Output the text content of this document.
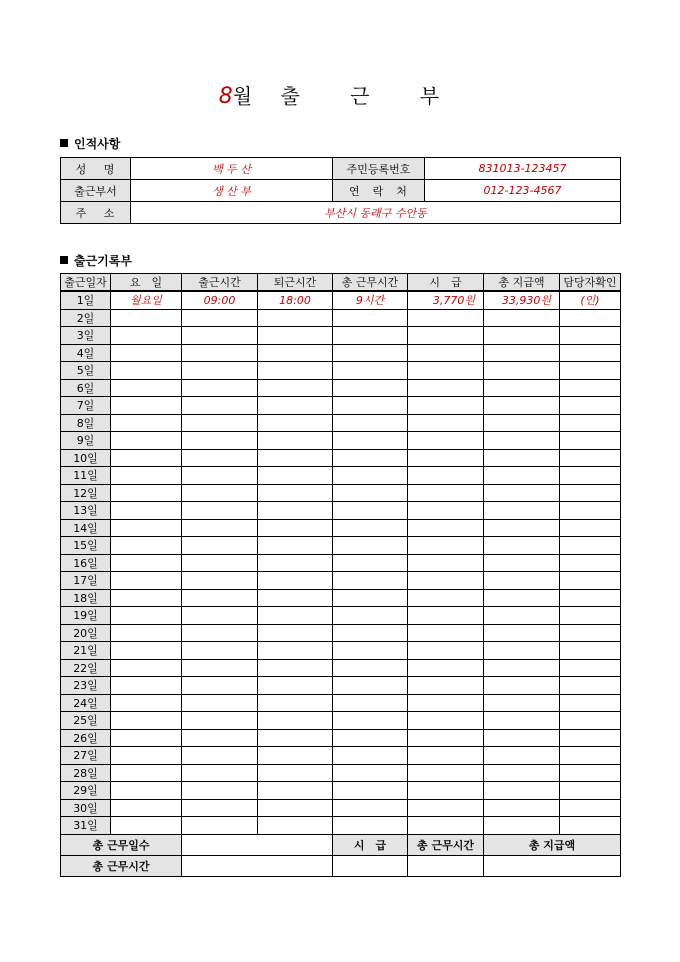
8월 출	근	부
인적사항
성　 명	백 두 산	주민등록번호	831013-123457
출근부서	생 산 부	연　락　처	012-123-4567
주　 소	부산시 동래구 수안동		
출근기록부
출근일자	요　일	출근시간	퇴근시간	총 근무시간	시　급	총 지급액	담당자확인
1일	월요일	09:00	18:00	9시간	3,770원	33,930원	(인)
2일							
3일							
4일							
5일							
6일							
7일							
8일							
9일							
10일							
11일							
12일							
13일							
14일							
15일							
16일							
17일							
18일							
19일							
20일							
21일							
22일							
23일							
24일							
25일							
26일							
27일							
28일							
29일							
30일							
31일							
총 근무일수				시　급	총 근무시간	총 지급액	
총 근무시간							
